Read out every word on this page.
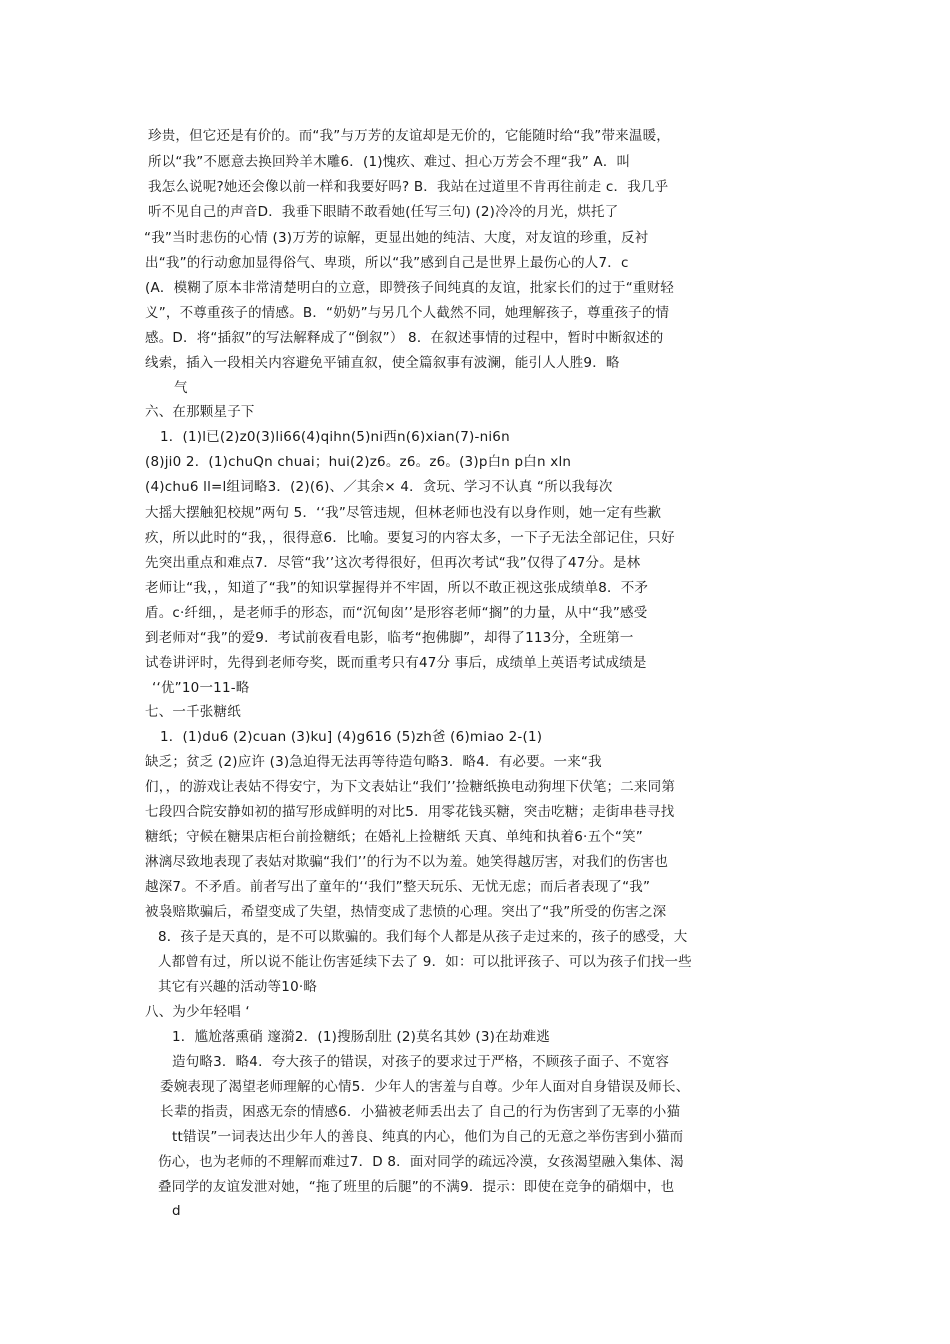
珍贵，但它还是有价的。而“我”与万芳的友谊却是无价的，它能随时给“我”带来温暖，
所以“我”不愿意去换回羚羊木雕6．(1)愧疚、难过、担心万芳会不理“我” A．叫
我怎么说呢?她还会像以前一样和我要好吗? B．我站在过道里不肯再往前走 c．我几乎
听不见自己的声音D．我垂下眼睛不敢看她(任写三句) (2)冷冷的月光，烘托了
“我”当时悲伤的心情 (3)万芳的谅解，更显出她的纯洁、大度，对友谊的珍重，反衬
出“我”的行动愈加显得俗气、卑琐，所以“我”感到自己是世界上最伤心的人7．c
(A．模糊了原本非常清楚明白的立意，即赞孩子间纯真的友谊，批家长们的过于“重财轻
义”，不尊重孩子的情感。B．“奶奶”与另几个人截然不同，她理解孩子，尊重孩子的情
感。D．将“插叙”的写法解释成了“倒叙”） 8．在叙述事情的过程中，暂时中断叙述的
线索，插入一段相关内容避免平铺直叙，使全篇叙事有波澜，能引人人胜9．略
气
六、在那颗星子下
1．(1)l已(2)z0(3)li66(4)qihn(5)ni西n(6)xian(7)-ni6n
(8)ji0 2．(1)chuQn chuai；hui(2)z6。z6。z6。(3)p白n p白n xln
(4)chu6 ll=l组词略3．(2)(6)、／其余× 4．贪玩、学习不认真 “所以我每次
大摇大摆触犯校规”两句 5．‘‘我”尽管违规，但林老师也没有以身作则，她一定有些歉
疚，所以此时的“我，，很得意6．比喻。要复习的内容太多，一下子无法全部记住，只好
先突出重点和难点7．尽管“我’’这次考得很好，但再次考试“我”仅得了47分。是林
老师让“我，，知道了“我”的知识掌握得并不牢固，所以不敢正视这张成绩单8．不矛
盾。c·纤细，，是老师手的形态，而“沉甸囱’’是形容老师“搁”的力量，从中“我”感受
到老师对“我”的爱9．考试前夜看电影，临考“抱佛脚”，却得了113分，全班第一
试卷讲评时，先得到老师夸奖，既而重考只有47分 事后，成绩单上英语考试成绩是
‘‘优”10一11-略
七、一千张糖纸
1．(1)du6 (2)cuan (3)ku] (4)g616 (5)zh爸 (6)miao 2-(1)
缺乏；贫乏 (2)应许 (3)急迫得无法再等待造句略3．略4．有必要。一来“我
们，，的游戏让表姑不得安宁，为下文表姑让“我们’’捡糖纸换电动狗埋下伏笔；二来同第
七段四合院安静如初的描写形成鲜明的对比5．用零花钱买糖，突击吃糖；走街串巷寻找
糖纸；守候在糖果店柜台前捡糖纸；在婚礼上捡糖纸 天真、单纯和执着6·五个“笑”
淋漓尽致地表现了表姑对欺骗“我们’’的行为不以为羞。她笑得越厉害，对我们的伤害也
越深7。不矛盾。前者写出了童年的‘‘我们”整天玩乐、无忧无虑；而后者表现了“我”
被袅赔欺骗后，希望变成了失望，热情变成了悲愤的心理。突出了“我”所受的伤害之深
8．孩子是天真的，是不可以欺骗的。我们每个人都是从孩子走过来的，孩子的感受，大
人都曾有过，所以说不能让伤害延续下去了 9．如：可以批评孩子、可以为孩子们找一些
其它有兴趣的活动等10·略
八、为少年轻唱 ‘
1．尴尬落熏硝 邃漪2．(1)搜肠刮肚 (2)莫名其妙 (3)在劫难逃
造句略3．略4．夸大孩子的错误，对孩子的要求过于严格，不顾孩子面子、不宽容
委婉表现了渴望老师理解的心情5．少年人的害羞与自尊。少年人面对自身错误及师长、
长辈的指责，困惑无奈的情感6．小猫被老师丢出去了 自己的行为伤害到了无辜的小猫
tt错误”一词表达出少年人的善良、纯真的内心，他们为自己的无意之举伤害到小猫而
伤心，也为老师的不理解而难过7．D 8．面对同学的疏远冷漠，女孩渴望融入集体、渴
叠同学的友谊发泄对她，“拖了班里的后腿”的不满9．提示：即使在竞争的硝烟中，也
d
